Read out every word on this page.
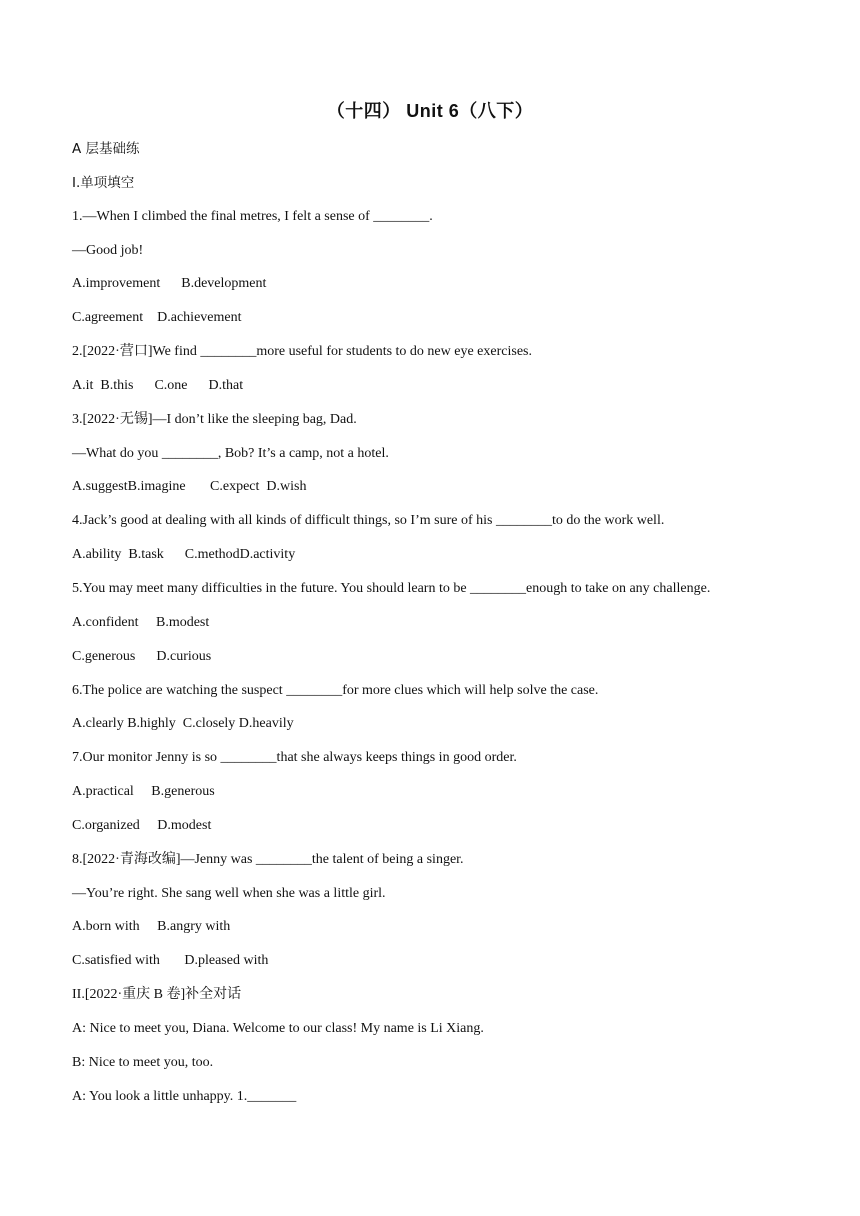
（十四） Unit 6（八下）
A 层基础练
I.单项填空
1.—When I climbed the final metres, I felt a sense of ________.
—Good job!
A.improvement      B.development
C.agreement    D.achievement
2.[2022·营口]We find ________more useful for students to do new eye exercises.
A.it  B.this      C.one      D.that
3.[2022·无锡]—I don’t like the sleeping bag, Dad.
—What do you ________, Bob? It’s a camp, not a hotel.
A.suggestB.imagine       C.expect  D.wish
4.Jack’s good at dealing with all kinds of difficult things, so I’m sure of his ________to do the work well.
A.ability  B.task      C.methodD.activity
5.You may meet many difficulties in the future. You should learn to be ________enough to take on any challenge.
A.confident     B.modest
C.generous      D.curious
6.The police are watching the suspect ________for more clues which will help solve the case.
A.clearly B.highly  C.closely D.heavily
7.Our monitor Jenny is so ________that she always keeps things in good order.
A.practical     B.generous
C.organized     D.modest
8.[2022·青海改编]—Jenny was ________the talent of being a singer.
—You’re right. She sang well when she was a little girl.
A.born with     B.angry with
C.satisfied with       D.pleased with
II.[2022·重庆 B 卷]补全对话
A: Nice to meet you, Diana. Welcome to our class! My name is Li Xiang.
B: Nice to meet you, too.
A: You look a little unhappy. 1._______
